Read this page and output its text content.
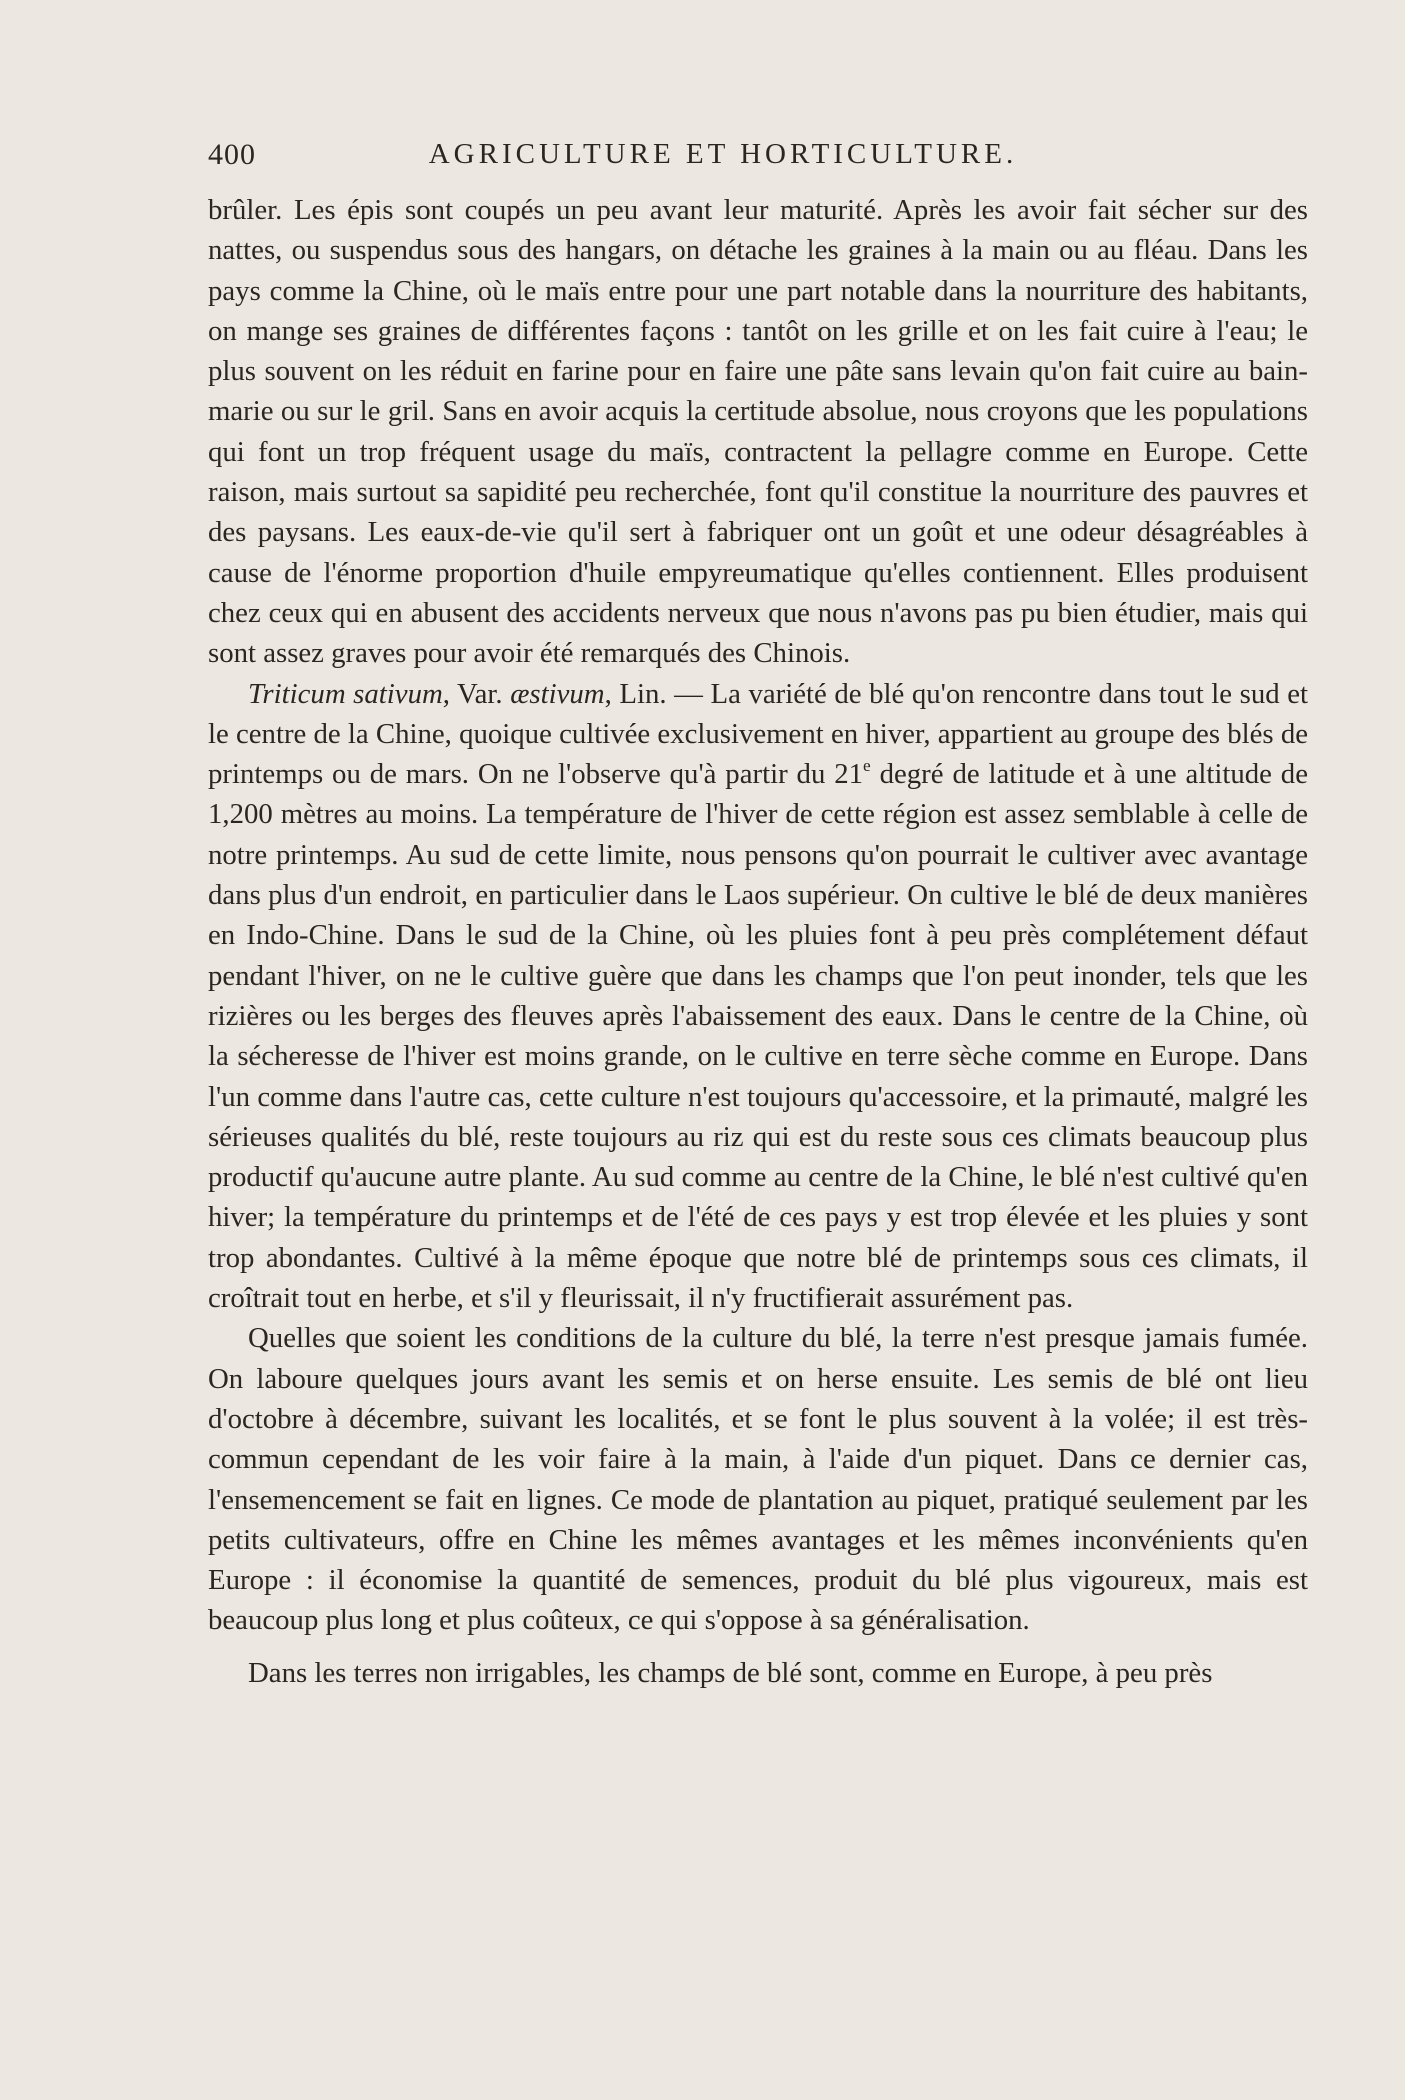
400	AGRICULTURE ET HORTICULTURE.

brûler. Les épis sont coupés un peu avant leur maturité. Après les avoir fait sécher sur des nattes, ou suspendus sous des hangars, on détache les graines à la main ou au fléau. Dans les pays comme la Chine, où le maïs entre pour une part notable dans la nourriture des habitants, on mange ses graines de différentes façons : tantôt on les grille et on les fait cuire à l'eau; le plus souvent on les réduit en farine pour en faire une pâte sans levain qu'on fait cuire au bain-marie ou sur le gril. Sans en avoir acquis la certitude absolue, nous croyons que les populations qui font un trop fréquent usage du maïs, contractent la pellagre comme en Europe. Cette raison, mais surtout sa sapidité peu recherchée, font qu'il constitue la nourriture des pauvres et des paysans. Les eaux-de-vie qu'il sert à fabriquer ont un goût et une odeur désagréables à cause de l'énorme proportion d'huile empyreumatique qu'elles contiennent. Elles produisent chez ceux qui en abusent des accidents nerveux que nous n'avons pas pu bien étudier, mais qui sont assez graves pour avoir été remarqués des Chinois.

Triticum sativum, Var. æstivum, Lin. — La variété de blé qu'on rencontre dans tout le sud et le centre de la Chine, quoique cultivée exclusivement en hiver, appartient au groupe des blés de printemps ou de mars. On ne l'observe qu'à partir du 21e degré de latitude et à une altitude de 1,200 mètres au moins. La température de l'hiver de cette région est assez semblable à celle de notre printemps. Au sud de cette limite, nous pensons qu'on pourrait le cultiver avec avantage dans plus d'un endroit, en particulier dans le Laos supérieur. On cultive le blé de deux manières en Indo-Chine. Dans le sud de la Chine, où les pluies font à peu près complétement défaut pendant l'hiver, on ne le cultive guère que dans les champs que l'on peut inonder, tels que les rizières ou les berges des fleuves après l'abaissement des eaux. Dans le centre de la Chine, où la sécheresse de l'hiver est moins grande, on le cultive en terre sèche comme en Europe. Dans l'un comme dans l'autre cas, cette culture n'est toujours qu'accessoire, et la primauté, malgré les sérieuses qualités du blé, reste toujours au riz qui est du reste sous ces climats beaucoup plus productif qu'aucune autre plante. Au sud comme au centre de la Chine, le blé n'est cultivé qu'en hiver; la température du printemps et de l'été de ces pays y est trop élevée et les pluies y sont trop abondantes. Cultivé à la même époque que notre blé de printemps sous ces climats, il croîtrait tout en herbe, et s'il y fleurissait, il n'y fructifierait assurément pas.

Quelles que soient les conditions de la culture du blé, la terre n'est presque jamais fumée. On laboure quelques jours avant les semis et on herse ensuite. Les semis de blé ont lieu d'octobre à décembre, suivant les localités, et se font le plus souvent à la volée; il est très-commun cependant de les voir faire à la main, à l'aide d'un piquet. Dans ce dernier cas, l'ensemencement se fait en lignes. Ce mode de plantation au piquet, pratiqué seulement par les petits cultivateurs, offre en Chine les mêmes avantages et les mêmes inconvénients qu'en Europe : il économise la quantité de semences, produit du blé plus vigoureux, mais est beaucoup plus long et plus coûteux, ce qui s'oppose à sa généralisation.

Dans les terres non irrigables, les champs de blé sont, comme en Europe, à peu près
